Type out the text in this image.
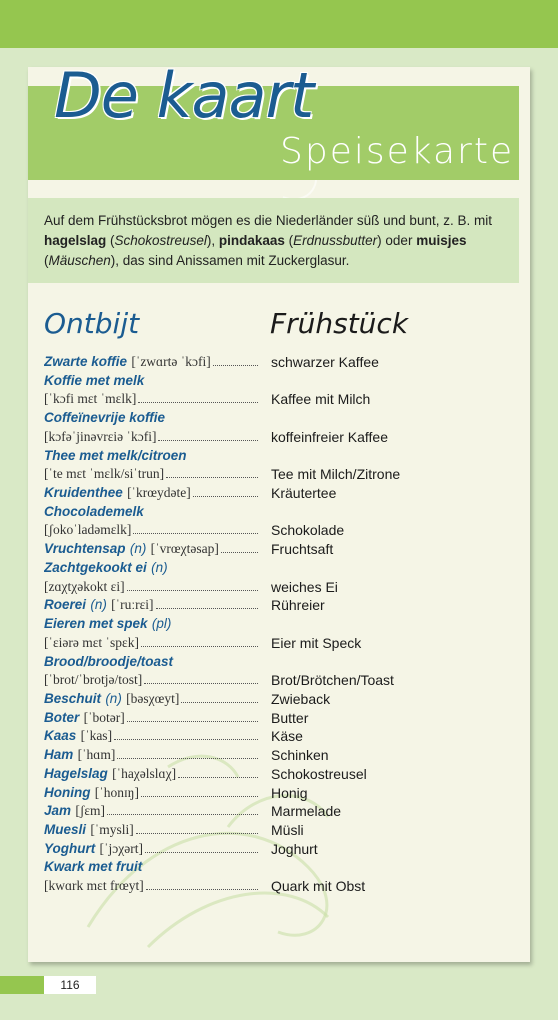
De kaart
Speisekarte

Auf dem Frühstücksbrot mögen es die Niederländer süß und bunt, z. B. mit hagelslag (Schokostreusel), pindakaas (Erdnussbutter) oder muisjes (Mäuschen), das sind Anissamen mit Zuckerglasur.

Ontbijt	Frühstück
Zwarte koffie
[ˈzwɑrtə ˈkɔfi]	schwarzer Kaffee
Koffie met melk
[ˈkɔfi mɛt ˈmɛlk]	Kaffee mit Milch
Coffeïnevrije koffie
[kɔfəˈjinəvrɛiə ˈkɔfi]	koffeinfreier Kaffee
Thee met melk/citroen
[ˈte mɛt ˈmɛlk/siˈtrun]	Tee mit Milch/Zitrone
Kruidenthee
[ˈkrœydəte]	Kräutertee
Chocolademelk
[ʃokoˈladəmɛlk]	Schokolade
Vruchtensap
(n)
[ˈvrœχtəsap]	Fruchtsaft
Zachtgekookt ei
(n)
[zɑχtχəkokt ɛi]	weiches Ei
Roerei
(n)
[ˈruːrɛi]	Rühreier
Eieren met spek
(pl)
[ˈɛiərə mɛt ˈspɛk]	Eier mit Speck
Brood/broodje/toast
[ˈbrot/ˈbrotjə/tost]	Brot/Brötchen/Toast
Beschuit
(n)
[bəsχœyt]	Zwieback
Boter
[ˈbotər]	Butter
Kaas
[ˈkas]	Käse
Ham
[ˈhɑm]	Schinken
Hagelslag
[ˈhaχəlslɑχ]	Schokostreusel
Honing
[ˈhonɪŋ]	Honig
Jam
[ʃɛm]	Marmelade
Muesli
[ˈmysli]	Müsli
Yoghurt
[ˈjɔχərt]	Joghurt
Kwark met fruit
[kwɑrk mɛt frœyt]	Quark mit Obst
116
